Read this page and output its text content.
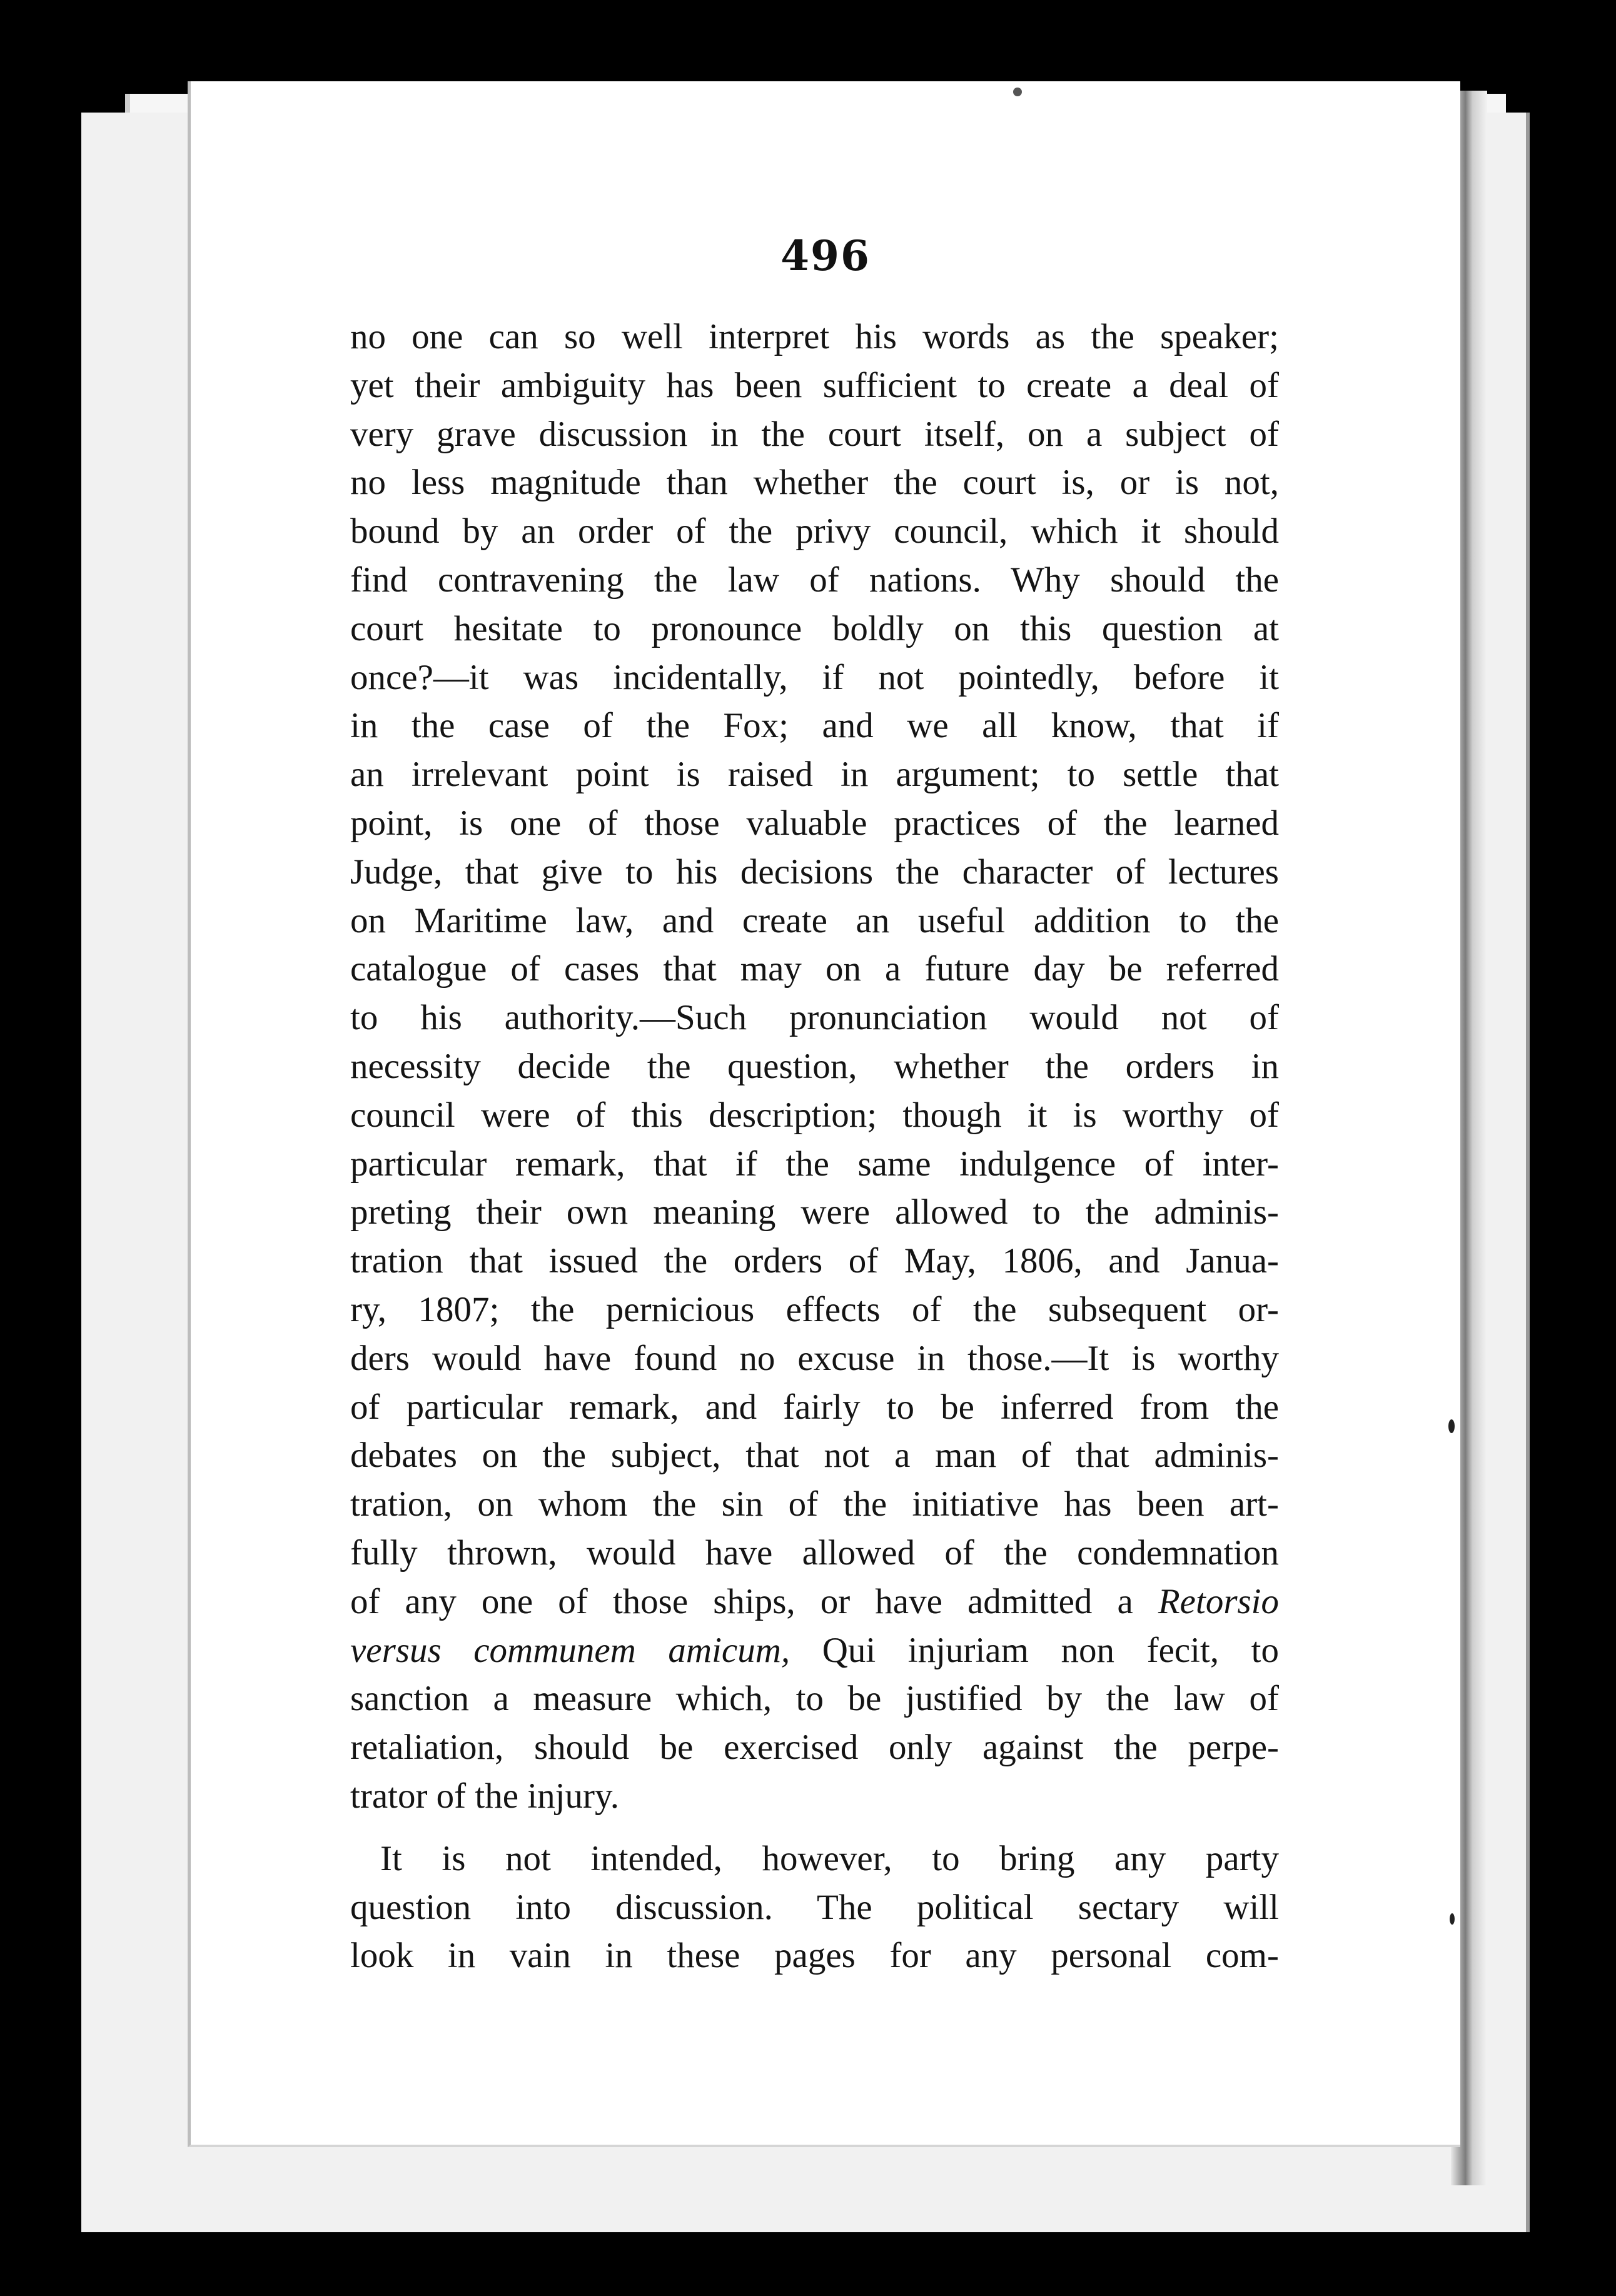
496
no one can so well interpret his words as the speaker;
yet their ambiguity has been sufficient to create a deal of
very grave discussion in the court itself, on a subject of
no less magnitude than whether the court is, or is not,
bound by an order of the privy council, which it should
find contravening the law of nations. Why should the
court hesitate to pronounce boldly on this question at
once?—it was incidentally, if not pointedly, before it
in the case of the Fox; and we all know, that if
an irrelevant point is raised in argument; to settle that
point, is one of those valuable practices of the learned
Judge, that give to his decisions the character of lectures
on Maritime law, and create an useful addition to the
catalogue of cases that may on a future day be referred
to his authority.—Such pronunciation would not of
necessity decide the question, whether the orders in
council were of this description; though it is worthy of
particular remark, that if the same indulgence of inter-
preting their own meaning were allowed to the adminis-
tration that issued the orders of May, 1806, and Janua-
ry, 1807; the pernicious effects of the subsequent or-
ders would have found no excuse in those.—It is worthy
of particular remark, and fairly to be inferred from the
debates on the subject, that not a man of that adminis-
tration, on whom the sin of the initiative has been art-
fully thrown, would have allowed of the condemnation
of any one of those ships, or have admitted a Retorsio
versus communem amicum, Qui injuriam non fecit, to
sanction a measure which, to be justified by the law of
retaliation, should be exercised only against the perpe-
trator of the injury.
It is not intended, however, to bring any party
question into discussion. The political sectary will
look in vain in these pages for any personal com-
